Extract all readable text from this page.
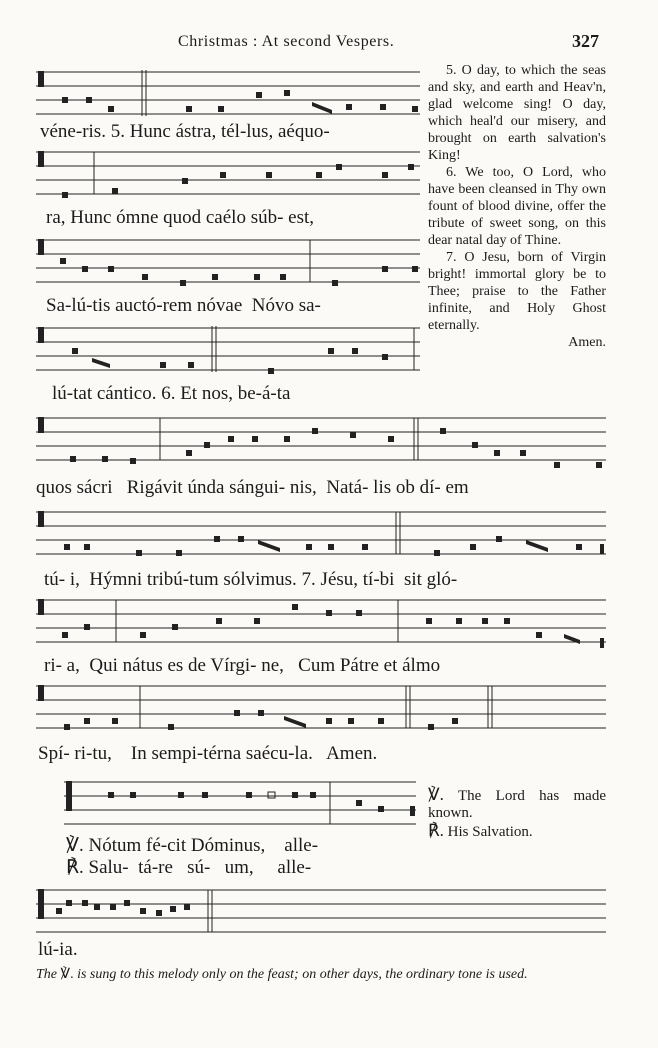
Christmas : At second Vespers.	327
véne-ris. 5. Hunc ástra, tél-lus, aéquo-
ra, Hunc ómne quod caélo súb- est,
Sa-lú-tis auctó-rem nóvae  Nóvo sa-
lú-tat cántico. 6. Et nos, be-á-ta
quos sácri   Rigávit únda sángui- nis,  Natá- lis ob dí- em
tú- i,  Hýmni tribú-tum sólvimus. 7. Jésu, tí-bi  sit gló-
ri- a,  Qui nátus es de Vírgi- ne,   Cum Pátre et álmo
Spí- ri-tu,    In sempi-térna saécu-la.   Amen.
℣. Nótum fé-cit Dóminus,    alle-
℟. Salu-  tá-re   sú-   um,     alle-
lú-ia.

5. O day, to which the seas and sky, and earth and Heav'n, glad welcome sing! O day, which heal'd our misery, and brought on earth salvation's King!

6. We too, O Lord, who have been cleansed in Thy own fount of blood divine, offer the tribute of sweet song, on this dear natal day of Thine.

7. O Jesu, born of Virgin bright! immortal glory be to Thee; praise to the Father infinite, and Holy Ghost eternally.

Amen.

℣. The Lord has made known.

℟. His Salvation.

The ℣. is sung to this melody only on the feast; on other days, the ordinary tone is used.
